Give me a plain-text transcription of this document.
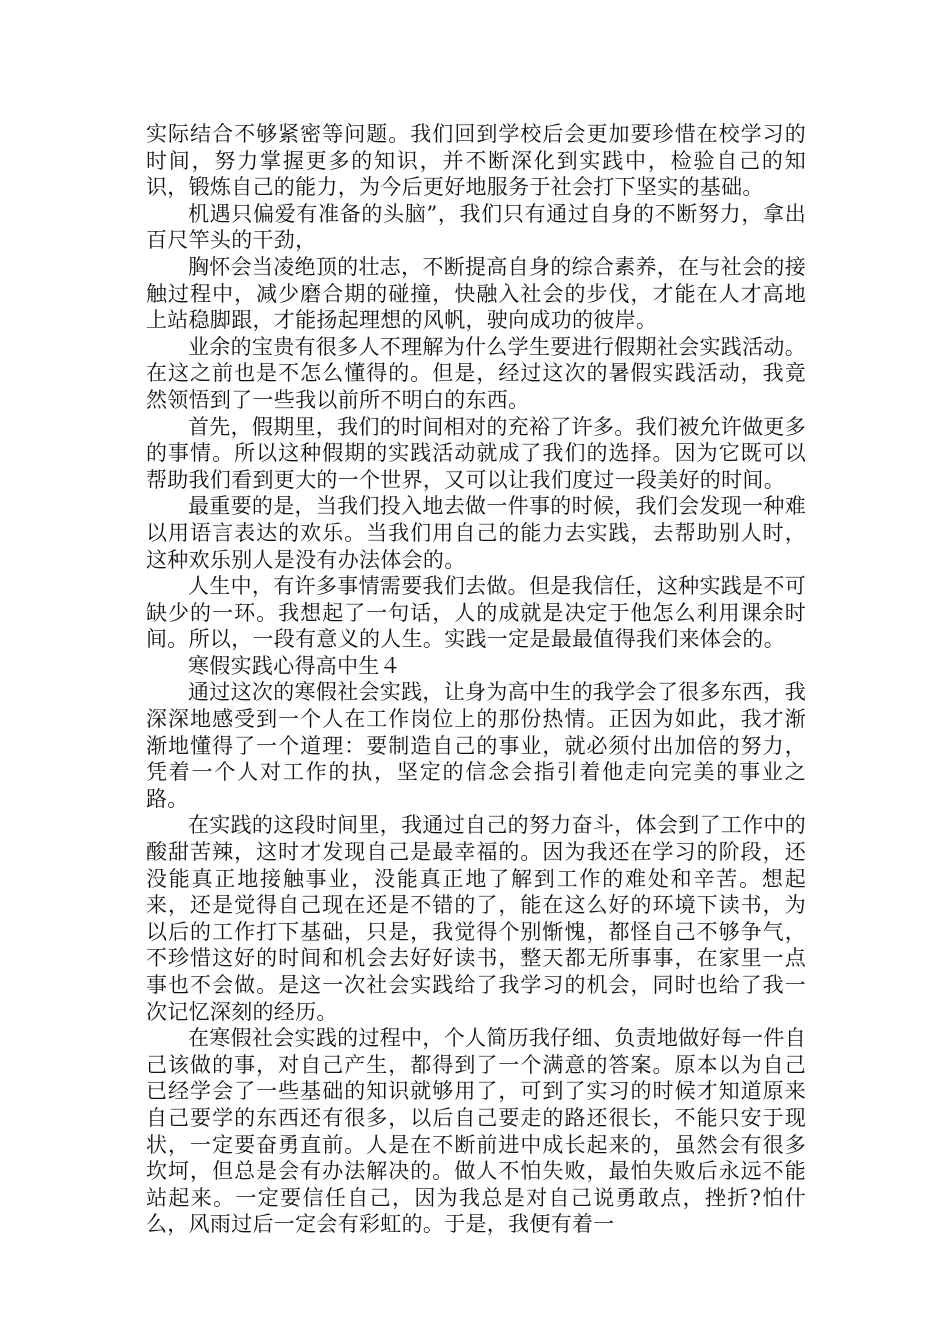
实际结合不够紧密等问题。我们回到学校后会更加要珍惜在校学习的时间，努力掌握更多的知识，并不断深化到实践中，检验自己的知识，锻炼自己的能力，为今后更好地服务于社会打下坚实的基础。

机遇只偏爱有准备的头脑”，我们只有通过自身的不断努力，拿出百尺竿头的干劲，

胸怀会当凌绝顶的壮志，不断提高自身的综合素养，在与社会的接触过程中，减少磨合期的碰撞，快融入社会的步伐，才能在人才高地上站稳脚跟，才能扬起理想的风帆，驶向成功的彼岸。

业余的宝贵有很多人不理解为什么学生要进行假期社会实践活动。在这之前也是不怎么懂得的。但是，经过这次的暑假实践活动，我竟然领悟到了一些我以前所不明白的东西。

首先，假期里，我们的时间相对的充裕了许多。我们被允许做更多的事情。所以这种假期的实践活动就成了我们的选择。因为它既可以帮助我们看到更大的一个世界，又可以让我们度过一段美好的时间。

最重要的是，当我们投入地去做一件事的时候，我们会发现一种难以用语言表达的欢乐。当我们用自己的能力去实践，去帮助别人时，这种欢乐别人是没有办法体会的。

人生中，有许多事情需要我们去做。但是我信任，这种实践是不可缺少的一环。我想起了一句话，人的成就是决定于他怎么利用课余时间。所以，一段有意义的人生。实践一定是最最值得我们来体会的。

寒假实践心得高中生４

通过这次的寒假社会实践，让身为高中生的我学会了很多东西，我深深地感受到一个人在工作岗位上的那份热情。正因为如此，我才渐渐地懂得了一个道理：要制造自己的事业，就必须付出加倍的努力，凭着一个人对工作的执，坚定的信念会指引着他走向完美的事业之路。

在实践的这段时间里，我通过自己的努力奋斗，体会到了工作中的酸甜苦辣，这时才发现自己是最幸福的。因为我还在学习的阶段，还没能真正地接触事业，没能真正地了解到工作的难处和辛苦。想起来，还是觉得自己现在还是不错的了，能在这么好的环境下读书，为以后的工作打下基础，只是，我觉得个别惭愧，都怪自己不够争气，不珍惜这好的时间和机会去好好读书，整天都无所事事，在家里一点事也不会做。是这一次社会实践给了我学习的机会，同时也给了我一次记忆深刻的经历。

在寒假社会实践的过程中，个人简历我仔细、负责地做好每一件自己该做的事，对自己产生，都得到了一个满意的答案。原本以为自己已经学会了一些基础的知识就够用了，可到了实习的时候才知道原来自己要学的东西还有很多，以后自己要走的路还很长，不能只安于现状，一定要奋勇直前。人是在不断前进中成长起来的，虽然会有很多坎坷，但总是会有办法解决的。做人不怕失败，最怕失败后永远不能站起来。一定要信任自己，因为我总是对自己说勇敢点，挫折?怕什么，风雨过后一定会有彩虹的。于是，我便有着一
